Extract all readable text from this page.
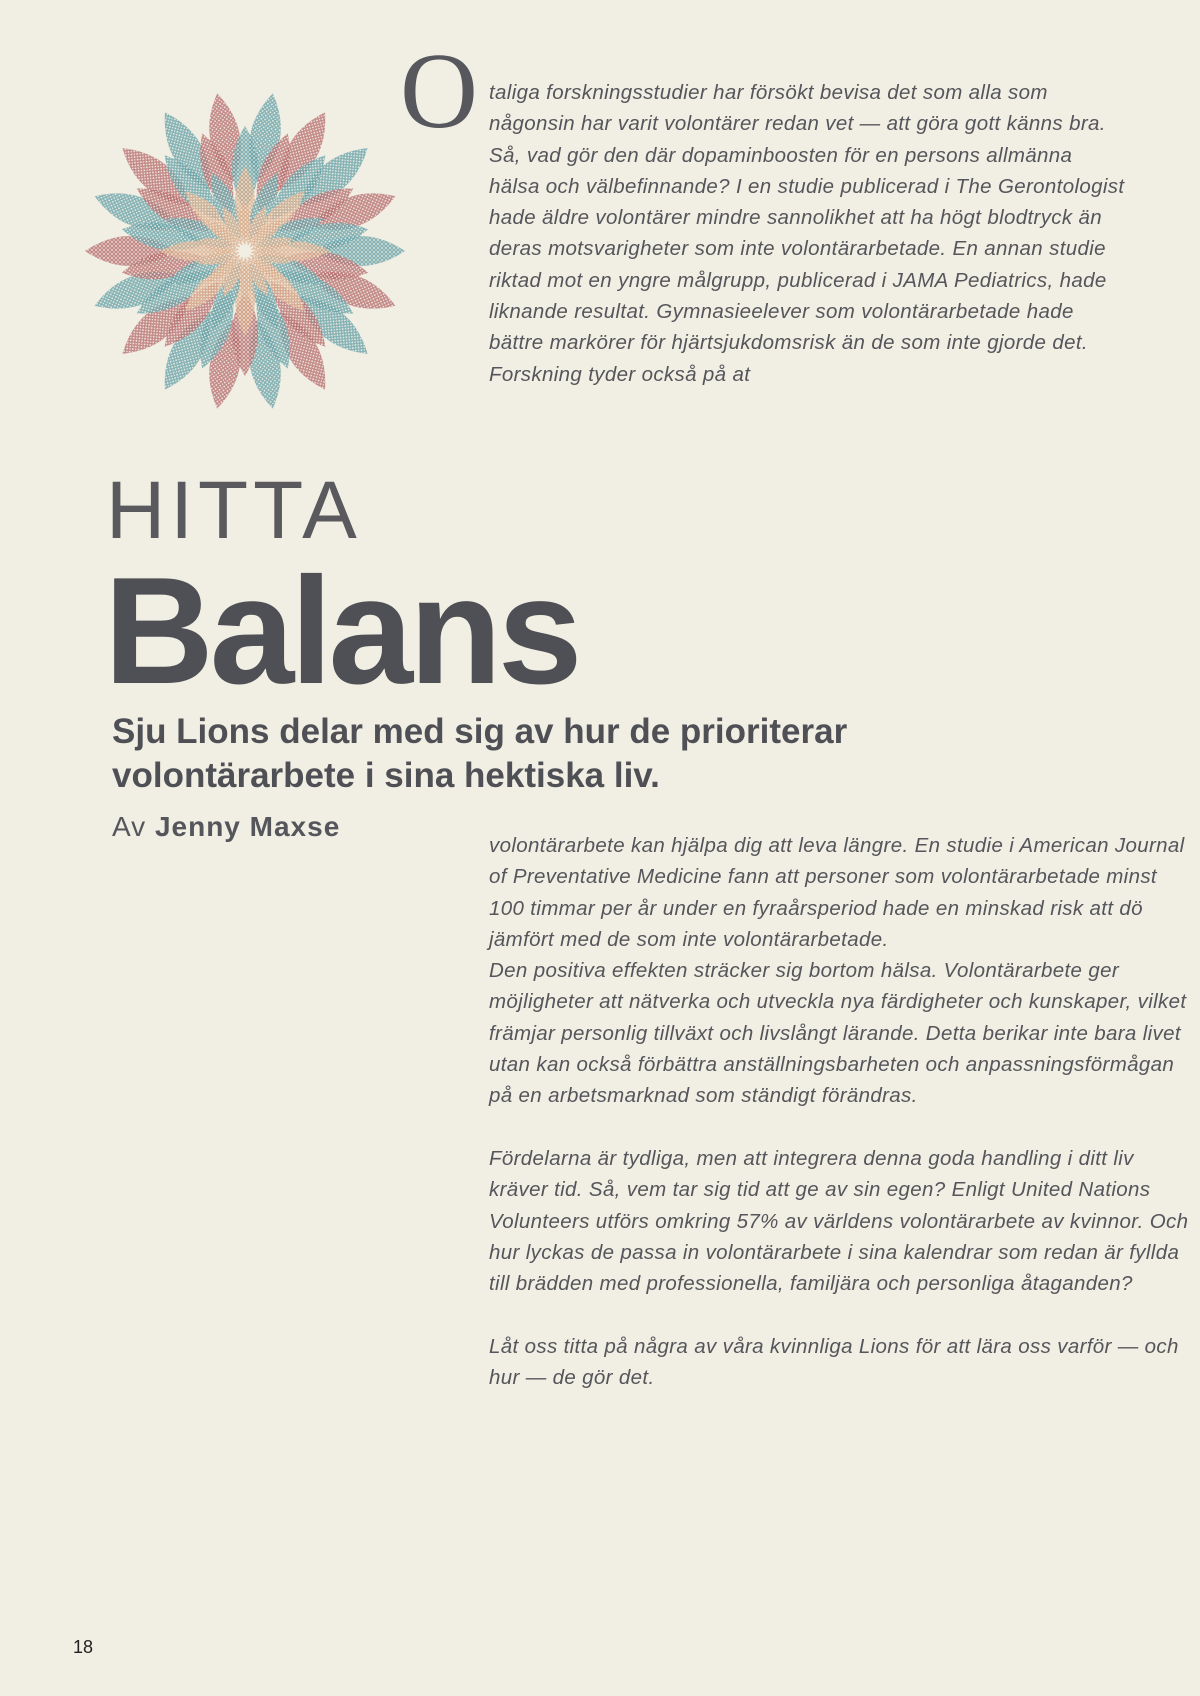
O taliga forskningsstudier har försökt bevisa det som alla som någonsin har varit volontärer redan vet — att göra gott känns bra. Så, vad gör den där dopaminboosten för en persons allmänna hälsa och välbefinnande? I en studie publicerad i The Gerontologist hade äldre volontärer mindre sannolikhet att ha högt blodtryck än deras motsvarigheter som inte volontärarbetade. En annan studie riktad mot en yngre målgrupp, publicerad i JAMA Pediatrics, hade liknande resultat. Gymnasieelever som volontärarbetade hade bättre markörer för hjärtsjukdomsrisk än de som inte gjorde det. Forskning tyder också på at

HITTA
Balans
Sju Lions delar med sig av hur de prioriterar
volontärarbete i sina hektiska liv.
Av Jenny Maxse

volontärarbete kan hjälpa dig att leva längre. En studie i American Journal of Preventative Medicine fann att personer som volontärarbetade minst 100 timmar per år under en fyraårsperiod hade en minskad risk att dö jämfört med de som inte volontärarbetade.

Den positiva effekten sträcker sig bortom hälsa. Volontärarbete ger möjligheter att nätverka och utveckla nya färdigheter och kunskaper, vilket främjar personlig tillväxt och livslångt lärande. Detta berikar inte bara livet utan kan också förbättra anställningsbarheten och anpassningsförmågan på en arbetsmarknad som ständigt förändras.

Fördelarna är tydliga, men att integrera denna goda handling i ditt liv kräver tid. Så, vem tar sig tid att ge av sin egen? Enligt United Nations Volunteers utförs omkring 57% av världens volontärarbete av kvinnor. Och hur lyckas de passa in volontärarbete i sina kalendrar som redan är fyllda till brädden med professionella, familjära och personliga åtaganden?

Låt oss titta på några av våra kvinnliga Lions för att lära oss varför — och hur — de gör det.

18
